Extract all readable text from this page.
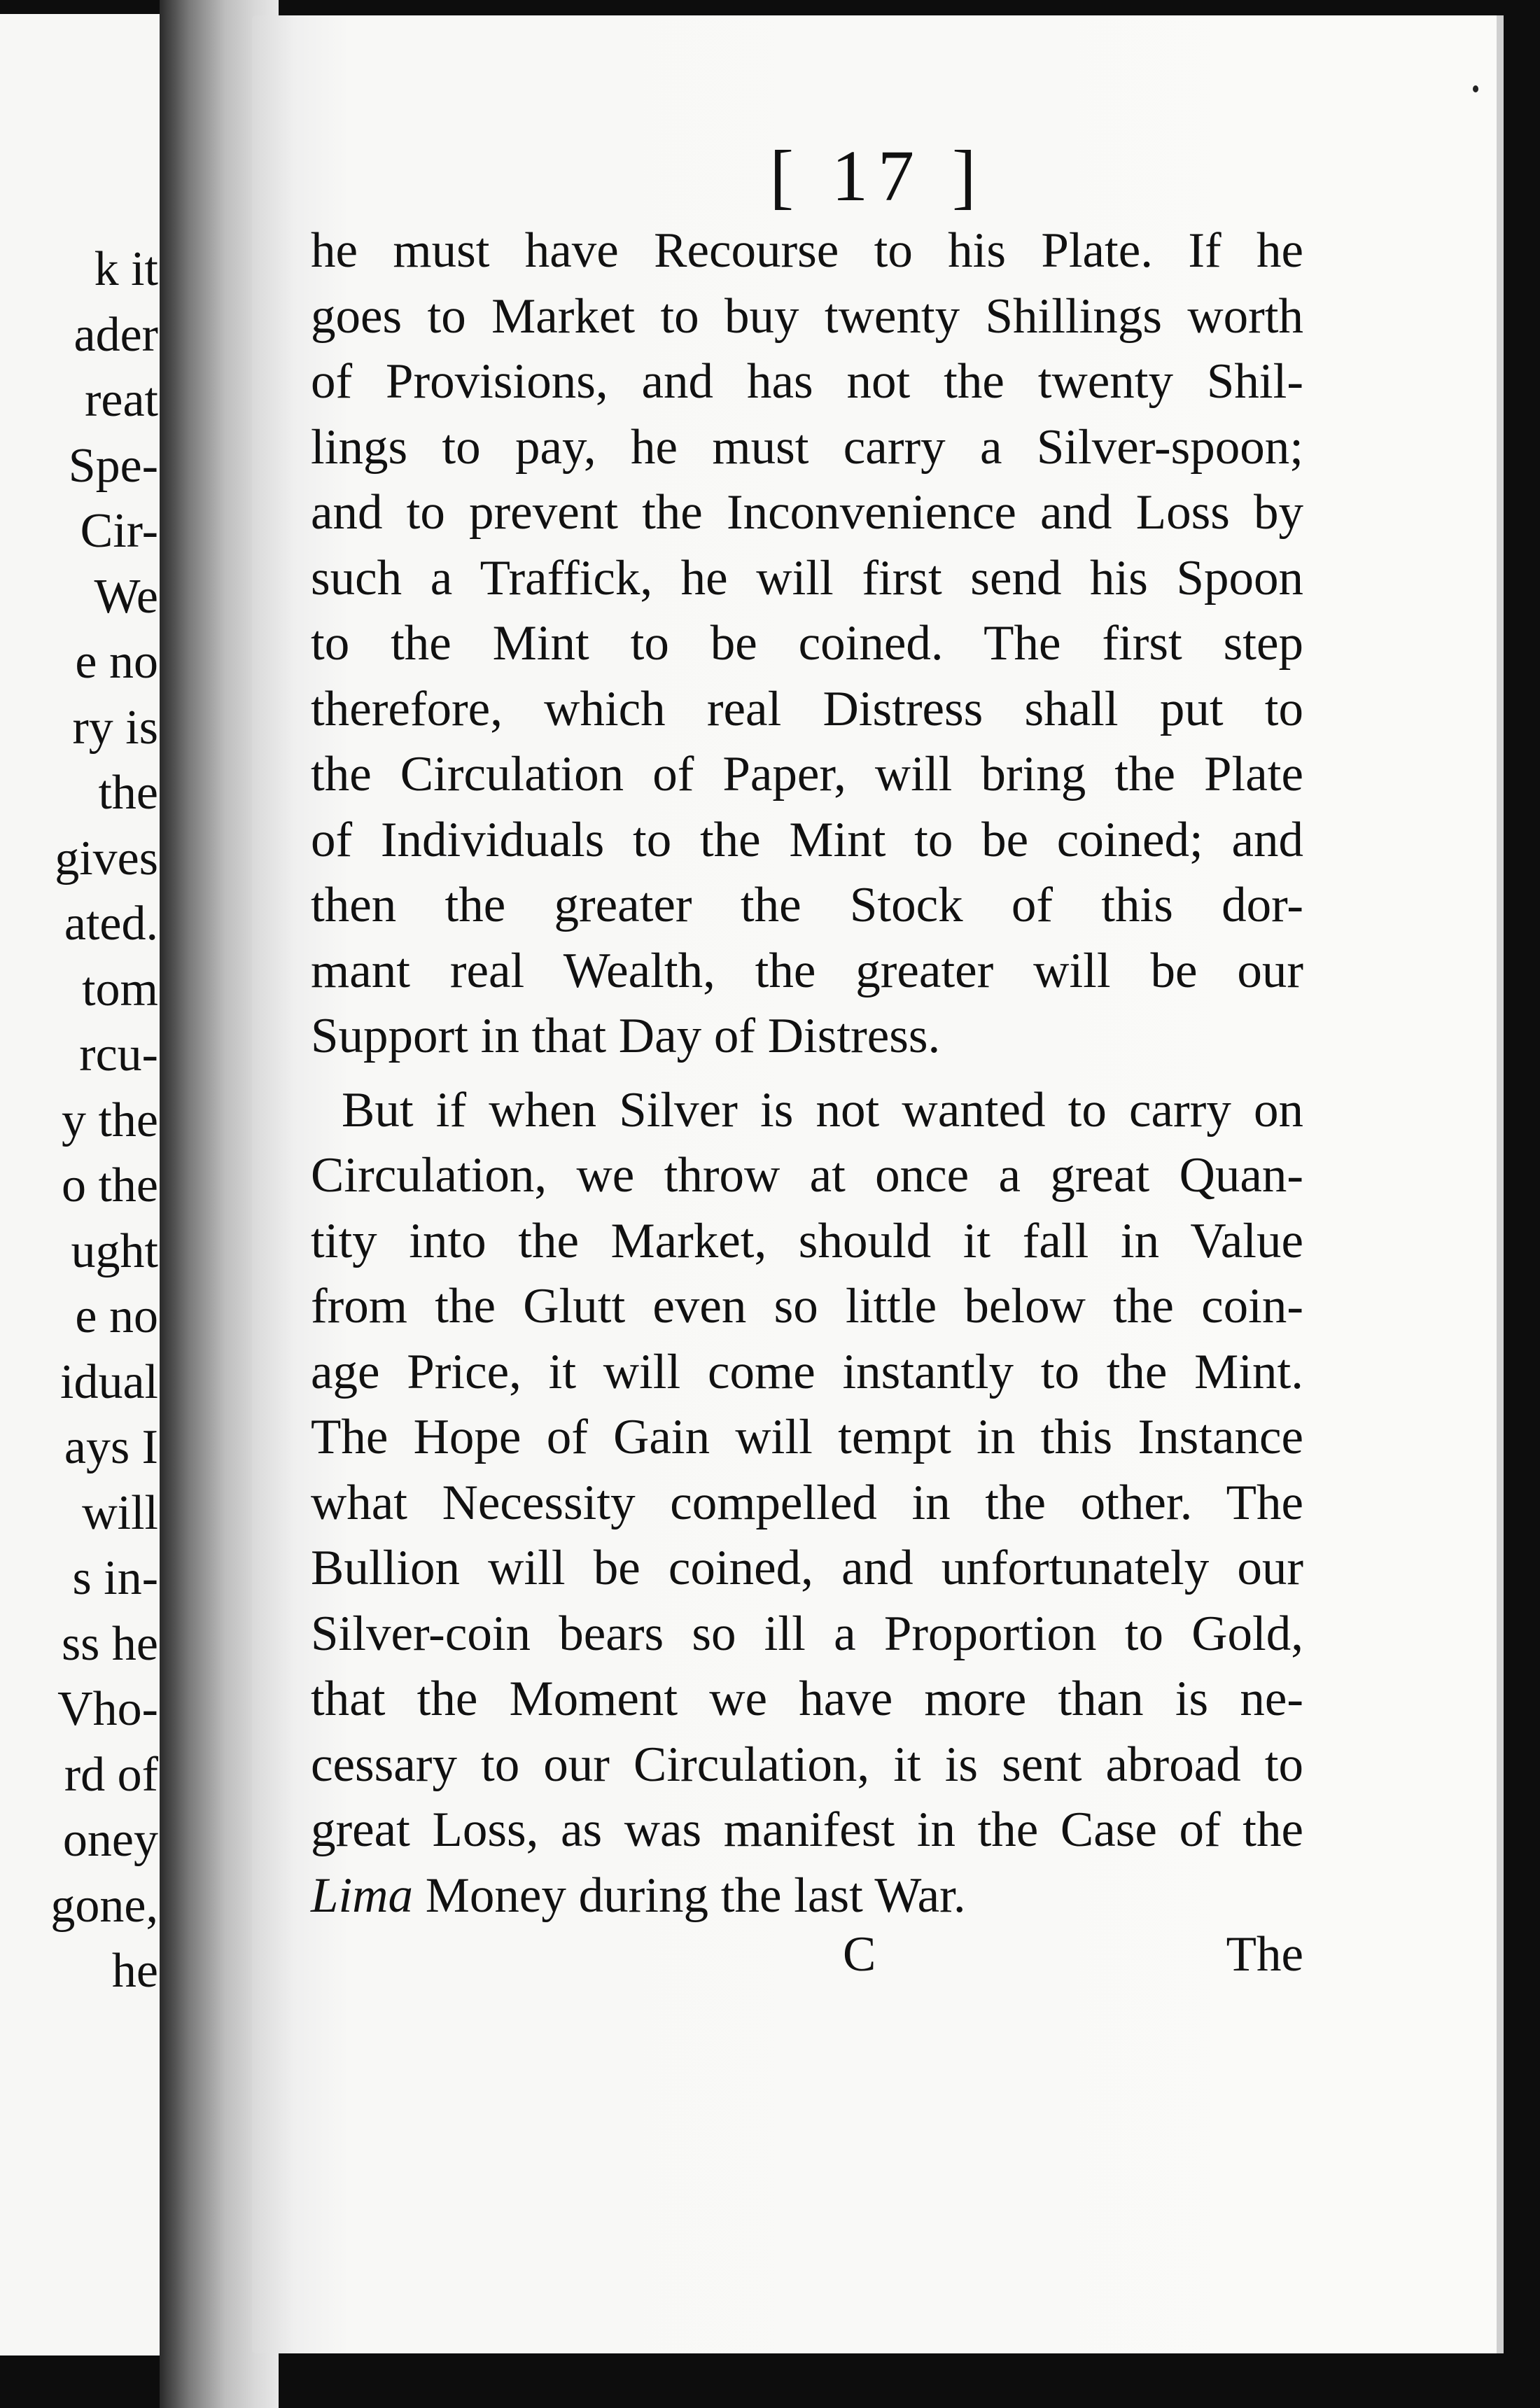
k it
ader
reat
Spe-
Cir-
We
e no
ry is
the
gives
ated.
tom
rcu-
y the
o the
ught
e no
idual
ays I
will
s in-
ss he
Vho-
rd of
oney
gone,
he
[ 17 ]
he must have Recourse to his Plate. If he
goes to Market to buy twenty Shillings worth
of Provisions, and has not the twenty Shil-
lings to pay, he must carry a Silver-spoon;
and to prevent the Inconvenience and Loss by
such a Traffick, he will first send his Spoon
to the Mint to be coined. The first step
therefore, which real Distress shall put to
the Circulation of Paper, will bring the Plate
of Individuals to the Mint to be coined; and
then the greater the Stock of this dor-
mant real Wealth, the greater will be our
Support in that Day of Distress.
But if when Silver is not wanted to carry on
Circulation, we throw at once a great Quan-
tity into the Market, should it fall in Value
from the Glutt even so little below the coin-
age Price, it will come instantly to the Mint.
The Hope of Gain will tempt in this Instance
what Necessity compelled in the other. The
Bullion will be coined, and unfortunately our
Silver-coin bears so ill a Proportion to Gold,
that the Moment we have more than is ne-
cessary to our Circulation, it is sent abroad to
great Loss, as was manifest in the Case of the
Lima Money during the last War.
C	The
